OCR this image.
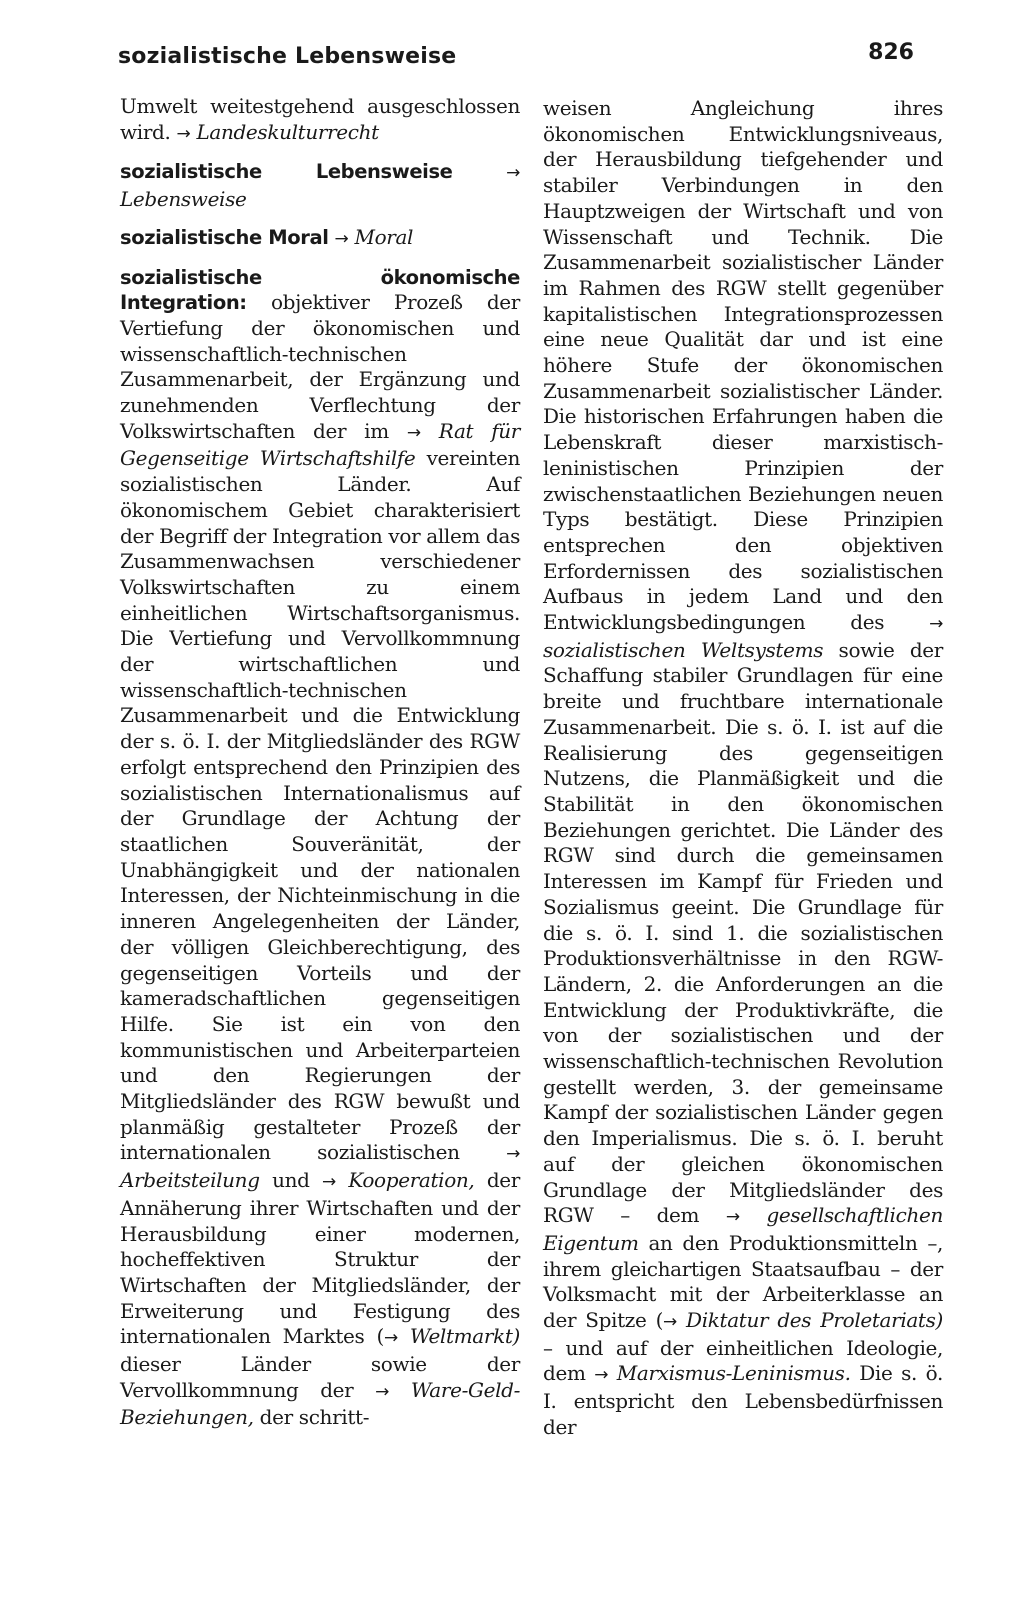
sozialistische Lebensweise	826

Umwelt weitestgehend ausgeschlossen wird. → Landeskulturrecht

sozialistische Lebensweise	→ Lebensweise

sozialistische Moral → Moral

sozialistische ökonomische Integration: objektiver Prozeß der Vertiefung der ökonomischen und wissenschaftlich-technischen Zusammenarbeit, der Ergänzung und zunehmenden Verflechtung der Volkswirtschaften der im → Rat für Gegenseitige Wirtschaftshilfe vereinten sozialistischen Länder. Auf ökonomischem Gebiet charakterisiert der Begriff der Integration vor allem das Zusammenwachsen verschiedener Volkswirtschaften zu einem einheitlichen Wirtschaftsorganismus. Die Vertiefung und Vervollkommnung der wirtschaftlichen und wissenschaftlich-technischen Zusammenarbeit und die Entwicklung der s. ö. I. der Mitgliedsländer des RGW erfolgt entsprechend den Prinzipien des sozialistischen Internationalismus auf der Grundlage der Achtung der staatlichen Souveränität, der Unabhängigkeit und der nationalen Interessen, der Nichteinmischung in die inneren Angelegenheiten der Länder, der völligen Gleichberechtigung, des gegenseitigen Vorteils und der kameradschaftlichen gegenseitigen Hilfe. Sie ist ein von den kommunistischen und Arbeiterparteien und den Regierungen der Mitgliedsländer des RGW bewußt und planmäßig gestalteter Prozeß der internationalen sozialistischen	→ Arbeitsteilung und → Kooperation, der Annäherung ihrer Wirtschaften und der Herausbildung einer modernen, hocheffektiven Struktur der Wirtschaften der Mitgliedsländer, der Erweiterung und Festigung des internationalen Marktes (→ Weltmarkt) dieser Länder sowie der Vervollkommnung der → Ware-Geld-Beziehungen, der schritt-

weisen Angleichung ihres ökonomischen Entwicklungsniveaus, der Herausbildung tiefgehender und stabiler Verbindungen in den Hauptzweigen der Wirtschaft und von Wissenschaft und Technik. Die Zusammenarbeit sozialistischer Länder im Rahmen des RGW stellt gegenüber kapitalistischen Integrationsprozessen eine neue Qualität dar und ist eine höhere Stufe der ökonomischen Zusammenarbeit sozialistischer Länder. Die historischen Erfahrungen haben die Lebenskraft dieser marxistisch-leninistischen Prinzipien der zwischenstaatlichen Beziehungen neuen Typs bestätigt. Diese Prinzipien entsprechen den objektiven Erfordernissen des sozialistischen Aufbaus in jedem Land und den Entwicklungsbedingungen des	→ sozialistischen Weltsystems sowie der Schaffung stabiler Grundlagen für eine breite und fruchtbare internationale Zusammenarbeit. Die s. ö. I. ist auf die Realisierung des gegenseitigen Nutzens, die Planmäßigkeit und die Stabilität in den ökonomischen Beziehungen gerichtet. Die Länder des RGW sind durch die gemeinsamen Interessen im Kampf für Frieden und Sozialismus geeint. Die Grundlage für die s. ö. I. sind 1. die sozialistischen Produktionsverhältnisse in den RGW-Ländern, 2. die Anforderungen an die Entwicklung der Produktivkräfte, die von der sozialistischen und der wissenschaftlich-technischen Revolution gestellt werden, 3. der gemeinsame Kampf der sozialistischen Länder gegen den Imperialismus. Die s. ö. I. beruht auf der gleichen ökonomischen Grundlage der Mitgliedsländer des RGW – dem → gesellschaftlichen Eigentum an den Produktionsmitteln –, ihrem gleichartigen Staatsaufbau – der Volksmacht mit der Arbeiterklasse an der Spitze (→ Diktatur des Proletariats) – und auf der einheitlichen Ideologie, dem → Marxismus-Leninismus. Die s. ö. I. entspricht den Lebensbedürfnissen der
